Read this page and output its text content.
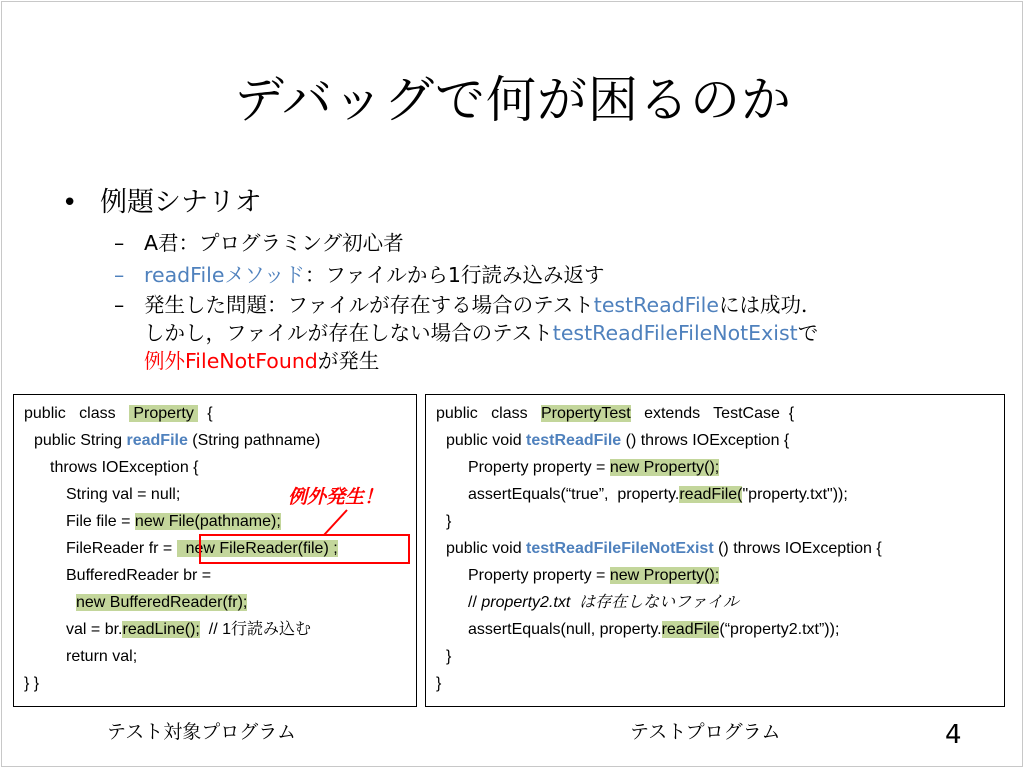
デバッグで何が困るのか
• 例題シナリオ
– A君：プログラミング初心者
– readFileメソッド：ファイルから1行読み込み返す
– 発生した問題：ファイルが存在する場合のテストtestReadFileには成功．
しかし，ファイルが存在しない場合のテストtestReadFileFileNotExistで
例外FileNotFoundが発生
public   class    Property   {
public String readFile (String pathname)
throws IOException {
String val = null;
File file = new File(pathname);
FileReader fr =   new FileReader(file) ;
BufferedReader br =
new BufferedReader(fr);
val = br.readLine();  // 1行読み込む
return val;
} }
例外発生！
public   class   PropertyTest   extends   TestCase  {
public void testReadFile () throws IOException {
Property property = new Property();
assertEquals(“true”,  property.readFile("property.txt"));
}
public void testReadFileFileNotExist () throws IOException {
Property property = new Property();
// property2.txt  は存在しないファイル
assertEquals(null, property.readFile(“property2.txt”));
}
}
テスト対象プログラム	テストプログラム	4
